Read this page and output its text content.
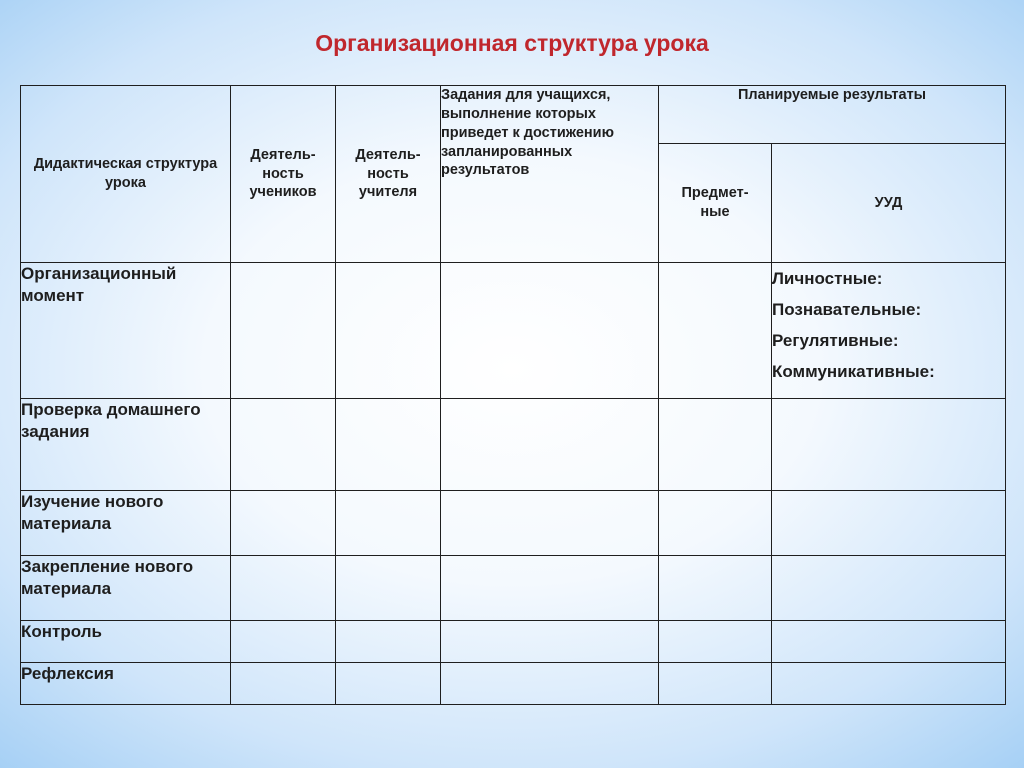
Организационная структура урока
Дидактическая структура урока	Деятель-ность учеников	Деятель-ность учителя	Задания для учащихся, выполнение которых приведет к достижению запланированных результатов	Планируемые результаты	
				Предмет-ные	УУД
Организационный момент					Личностные:
Познавательные:
Регулятивные:
Коммуникативные:

Проверка домашнего задания					
Изучение нового материала					
Закрепление нового материала					
Контроль					
Рефлексия					
